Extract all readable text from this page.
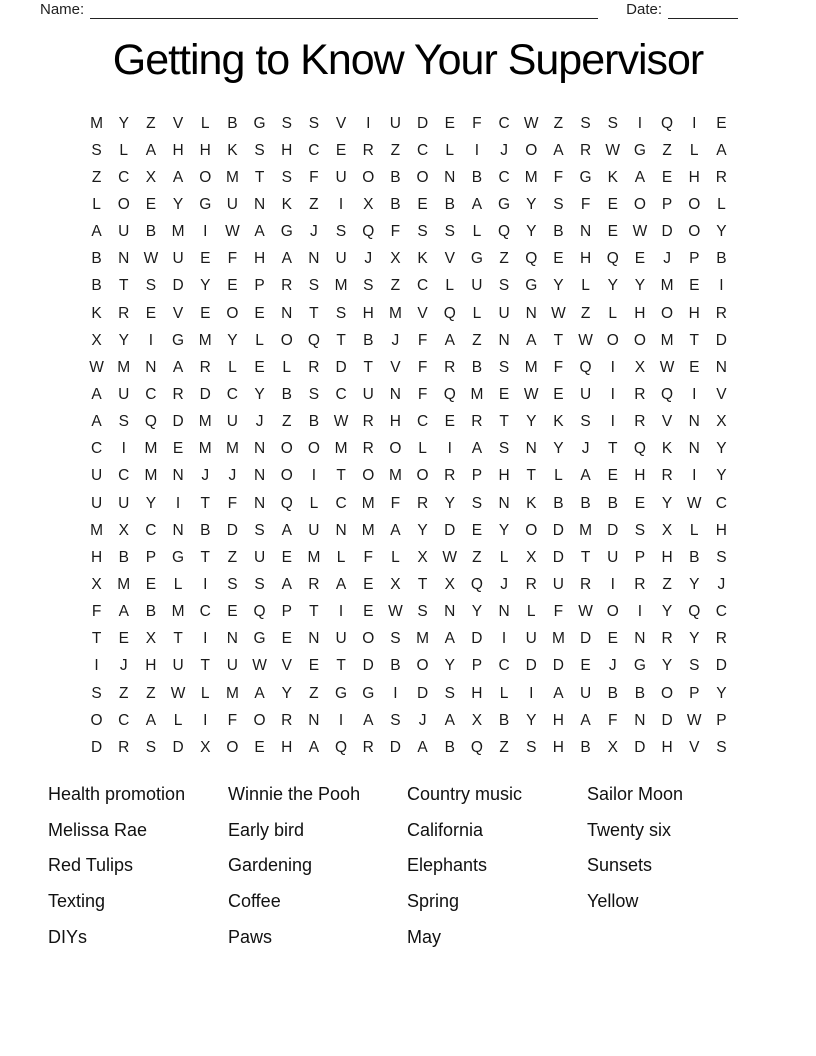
Name:	Date:
Getting to Know Your Supervisor
M	Y	Z	V	L	B	G	S	S	V	I	U	D	E	F	C W Z	S	S	I	Q	I	E
S	L	A	H	H	K	S	H	C	E	R	Z	C	L	I	J	O	A	R W G	Z	L	A
Z	C	X	A	O M	T	S	F	U	O	B	O	N	B	C M	F	G	K	A	E	H	R
L	O	E	Y	G	U	N	K	Z	I	X	B	E	B	A	G	Y	S	F	E	O	P	O	L
A	U	B	M	I	W A	G	J	S	Q	F	S	S	L	Q	Y	B	N	E W D	O	Y
B	N W U	E	F	H	A	N	U	J	X	K	V	G	Z	Q	E	H	Q	E	J	P	B
B	T	S	D	Y	E	P	R	S	M	S	Z	C	L	U	S	G	Y	L	Y	Y	M	E	I
K	R	E	V	E	O	E	N	T	S	H M	V	Q	L	U	N W Z	L	H	O	H	R
X	Y	I	G M	Y	L	O Q	T	B	J	F	A	Z	N	A	T W O O M	T	D
W M N	A	R	L	E	L	R	D	T	V	F	R	B	S	M	F	Q	I	X W E	N
A	U	C	R	D	C	Y	B	S	C	U	N	F	Q M	E W E	U	I	R	Q	I	V
A	S	Q	D M U	J	Z	B W R	H	C	E	R	T	Y	K	S	I	R	V	N	X
C	I	M	E	M M N	O O M R	O	L	I	A	S	N	Y	J	T	Q	K	N	Y
U	C M N	J	J	N	O	I	T	O M O	R	P	H	T	L	A	E	H	R	I	Y
U	U	Y	I	T	F	N	Q	L	C M	F	R	Y	S	N	K	B	B	B	E	Y W C
M	X	C	N	B	D	S	A	U	N M	A	Y	D	E	Y	O	D M D	S	X	L	H
H	B	P	G	T	Z	U	E	M	L	F	L	X W Z	L	X	D	T	U	P	H	B	S
X	M	E	L	I	S	S	A	R	A	E	X	T	X	Q	J	R	U	R	I	R	Z	Y	J
F	A	B	M C	E	Q	P	T	I	E W S	N	Y	N	L	F W O	I	Y	Q	C
T	E	X	T	I	N	G	E	N	U	O	S	M	A	D	I	U M D	E	N	R	Y	R
I	J	H	U	T	U W V	E	T	D	B	O	Y	P	C	D	D	E	J	G	Y	S	D
S	Z	Z W	L	M	A	Y	Z	G G	I	D	S	H	L	I	A	U	B	B	O	P	Y
O	C	A	L	I	F	O	R	N	I	A	S	J	A	X	B	Y	H	A	F	N	D W P
D	R	S	D	X	O	E	H	A	Q	R	D	A	B	Q	Z	S	H	B	X	D	H	V	S
Health promotion
Melissa Rae
Red Tulips
Texting
DIYs
Winnie the Pooh
Early bird
Gardening
Coffee
Paws
Country music
California
Elephants
Spring
May
Sailor Moon
Twenty six
Sunsets
Yellow
